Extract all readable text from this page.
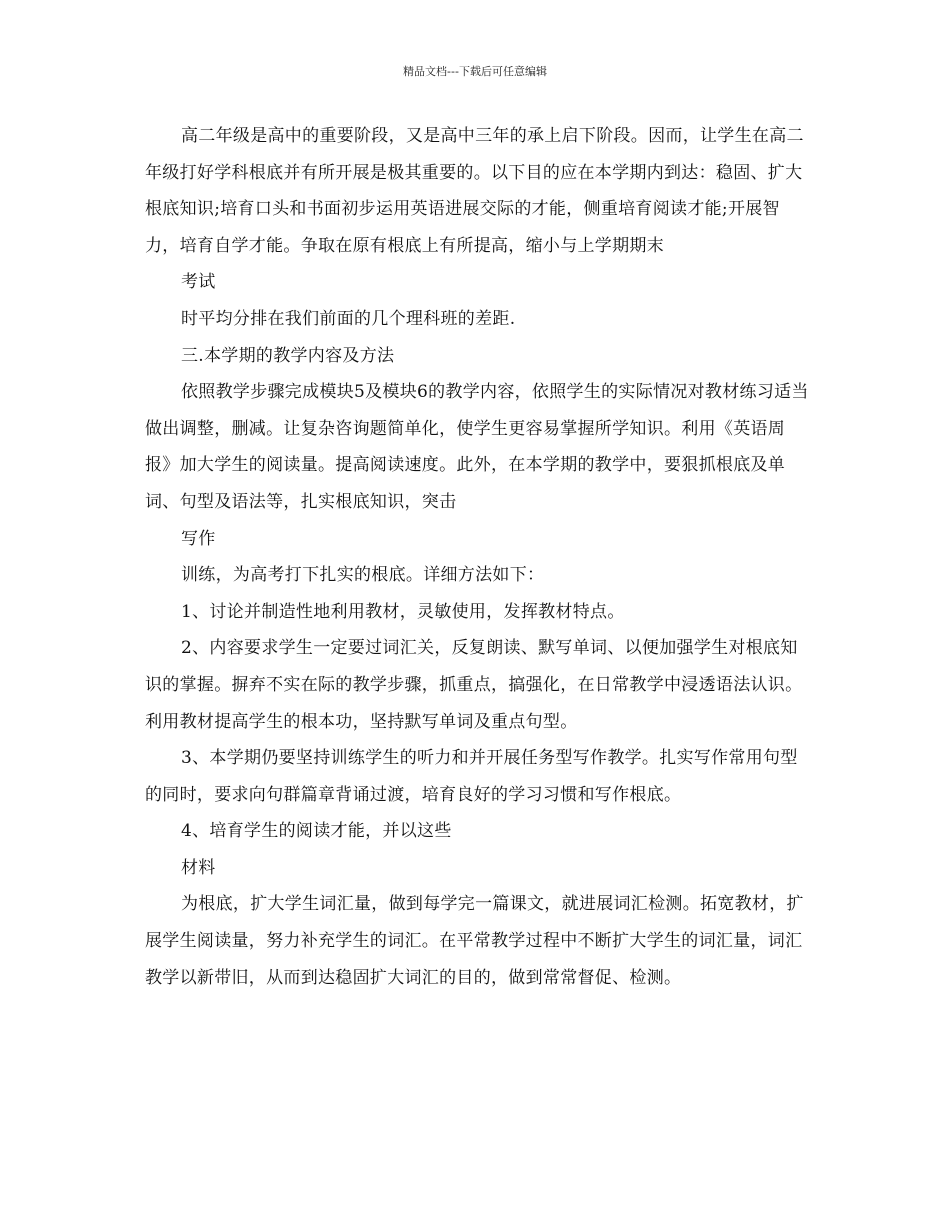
精品文档---下载后可任意编辑

高二年级是高中的重要阶段，又是高中三年的承上启下阶段。因而，让学生在高二年级打好学科根底并有所开展是极其重要的。以下目的应在本学期内到达：稳固、扩大根底知识;培育口头和书面初步运用英语进展交际的才能，侧重培育阅读才能;开展智力，培育自学才能。争取在原有根底上有所提高，缩小与上学期期末

考试

时平均分排在我们前面的几个理科班的差距.

三.本学期的教学内容及方法

依照教学步骤完成模块5及模块6的教学内容，依照学生的实际情况对教材练习适当做出调整，删减。让复杂咨询题简单化，使学生更容易掌握所学知识。利用《英语周报》加大学生的阅读量。提高阅读速度。此外，在本学期的教学中，要狠抓根底及单词、句型及语法等，扎实根底知识，突击

写作

训练，为高考打下扎实的根底。详细方法如下：

1、讨论并制造性地利用教材，灵敏使用，发挥教材特点。

2、内容要求学生一定要过词汇关，反复朗读、默写单词、以便加强学生对根底知识的掌握。摒弃不实在际的教学步骤，抓重点，搞强化，在日常教学中浸透语法认识。利用教材提高学生的根本功，坚持默写单词及重点句型。

3、本学期仍要坚持训练学生的听力和并开展任务型写作教学。扎实写作常用句型的同时，要求向句群篇章背诵过渡，培育良好的学习习惯和写作根底。

4、培育学生的阅读才能，并以这些

材料

为根底，扩大学生词汇量，做到每学完一篇课文，就进展词汇检测。拓宽教材，扩展学生阅读量，努力补充学生的词汇。在平常教学过程中不断扩大学生的词汇量，词汇教学以新带旧，从而到达稳固扩大词汇的目的，做到常常督促、检测。
